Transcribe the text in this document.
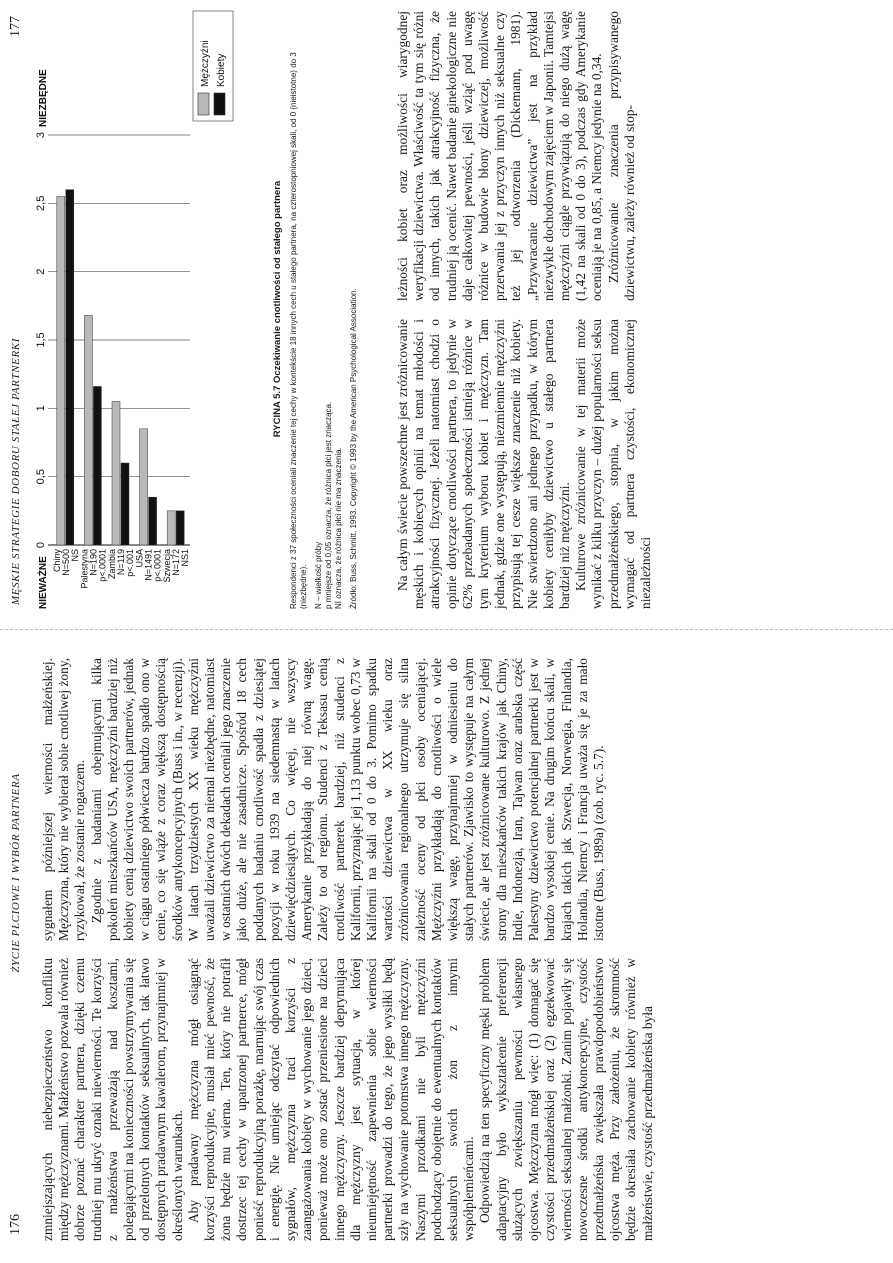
176
ŻYCIE PŁCIOWE I WYBÓR PARTNERA

zmniejszających niebezpieczeństwo konfliktu między mężczyznami. Małżeństwo pozwala również dobrze poznać charakter partnera, dzięki czemu trudniej mu ukryć oznaki niewierności. Te korzyści z małżeństwa przeważają nad kosztami, polegającymi na konieczności powstrzymywania się od przelotnych kontaktów seksualnych, tak łatwo dostępnych pradawnym kawalerom, przynajmniej w określonych warunkach. Aby pradawny mężczyzna mógł osiągnąć korzyści reprodukcyjne, musiał mieć pewność, że żona będzie mu wierna. Ten, który nie potrafił dostrzec tej cechy w upatrzonej partnerce, mógł ponieść reprodukcyjną porażkę, marnując swój czas i energię. Nie umiejąc odczytać odpowiednich sygnałów, mężczyzna traci korzyści z zaangażowania kobiety w wychowanie jego dzieci, ponieważ może ono zostać przeniesione na dzieci innego mężczyzny. Jeszcze bardziej deprymująca dla mężczyzny jest sytuacja, w której nieumiejętność zapewnienia sobie wierności partnerki prowadzi do tego, że jego wysiłki będą szły na wychowanie potomstwa innego mężczyzny. Naszymi przodkami nie byli mężczyźni podchodzący obojętnie do ewentualnych kontaktów seksualnych swoich żon z innymi współplemieńcami. Odpowiedzią na ten specyficzny męski problem adaptacyjny było wykształcenie preferencji służących zwiększaniu pewności własnego ojcostwa. Mężczyzna mógł więc: (1) domagać się czystości przedmałżeńskiej oraz (2) egzekwować wierności seksualnej małżonki. Zanim pojawiły się nowoczesne środki antykoncepcyjne, czystość przedmałżeńska zwiększała prawdopodobieństwo ojcostwa męża. Przy założeniu, że skromność będzie okresiała zachowanie kobiety również w małżeństwie, czystość przedmałżeńska była

sygnałem późniejszej wierności małżeńskiej. Mężczyzna, który nie wybierał sobie cnotliwej żony, ryzykował, że zostanie rogaczem. Zgodnie z badaniami obejmującymi kilka pokoleń mieszkańców USA, mężczyźni bardziej niż kobiety cenią dziewictwo swoich partnerów, jednak w ciągu ostatniego półwiecza bardzo spadło ono w cenie, co się wiąże z coraz większą dostępnością środków antykoncepcyjnych (Buss i in., w recenzji). W latach trzydziestych XX wieku mężczyźni uważali dziewictwo za niemal niezbędne, natomiast w ostatnich dwóch dekadach oceniali jego znaczenie jako duże, ale nie zasadnicze. Spośród 18 cech poddanych badaniu cnotliwość spadła z dziesiątej pozycji w roku 1939 na siedemnastą w latach dziewięćdziesiątych. Co więcej, nie wszyscy Amerykanie przykładają do niej równą wagę. Zależy to od regionu. Studenci z Teksasu cenią cnotliwość partnerek bardziej, niż studenci z Kalifornii, przyznając jej 1,13 punktu wobec 0,73 w Kalifornii na skali od 0 do 3. Pomimo spadku wartości dziewictwa w XX wieku oraz zróżnicowania regionalnego utrzymuje się silna zależność oceny od płci osoby oceniającej. Mężczyźni przykładają do cnotliwości o wiele większą wagę, przynajmniej w odniesieniu do stałych partnerów. Zjawisko to występuje na całym świecie, ale jest zróżnicowane kulturowo. Z jednej strony dla mieszkańców takich krajów jak Chiny, Indie, Indonezja, Iran, Tajwan oraz arabska część Palestyny dziewictwo potencjalnej partnerki jest w bardzo wysokiej cenie. Na drugim końcu skali, w krajach takich jak Szwecja, Norwegia, Finlandia, Holandia, Niemcy i Francja uważa się je za mało istotne (Buss, 1989a) (zob. ryc. 5.7).

MĘSKIE STRATEGIE DOBORU STAŁEJ PARTNERKI
177
0
0,5
1
1,5
2
2,5
3
NIEZBĘDNE
NIEWAŻNE Chiny N=500 NS Palestyna N=190 p<.0001 Zambia N=119 p<.001 USA N=1491 p<.0001 Szwecja N=172 NS1
Mężczyźni Kobiety

RYCINA 5.7 Oczekiwanie cnotliwości od stałego partnera Respondenci z 37 społeczności oceniali znaczenie tej cechy w kontekście 18 innych cech u stałego partnera, na czterostopniowej skali, od 0 (nieistotne) do 3 (niezbędne). N – wielkość próby p mniejsze od 0,05 oznacza, że różnica płci jest znacząca. NI oznacza, że różnica płci nie ma znaczenia. Źródło: Buss, Schmitt, 1993. Copyright © 1993 by the American Psychological Association.	Na całym świecie powszechne jest zróżnicowanie męskich i kobiecych opinii na temat młodości i atrakcyjności fizycznej. Jeżeli natomiast chodzi o opinie dotyczące cnotliwości partnera, to jedynie w 62% przebadanych społeczności istnieją różnice w tym kryterium wyboru kobiet i mężczyzn. Tam jednak, gdzie one występują, niezmiennie mężczyźni przypisują tej cesze większe znaczenie niż kobiety. Nie stwierdzono ani jednego przypadku, w którym kobiety ceniłyby dziewictwo u stałego partnera bardziej niż mężczyźni. Kulturowe zróżnicowanie w tej materii może wynikać z kilku przyczyn – dużej popularności seksu przedmałżeńskiego, stopnia, w jakim można wymagać od partnera czystości, ekonomicznej niezależności

leżności kobiet oraz możliwości wiarygodnej weryfikacji dziewictwa. Właściwość ta tym się różni od innych, takich jak atrakcyjność fizyczna, że trudniej ją ocenić. Nawet badanie ginekologiczne nie daje całkowitej pewności, jeśli wziąć pod uwagę różnice w budowie błony dziewiczej, możliwość przerwania jej z przyczyn innych niż seksualne czy też jej odtworzenia (Dickemann, 1981). „Przywracanie dziewictwa” jest na przykład niezwykle dochodowym zajęciem w Japonii. Tamtejsi mężczyźni ciągle przywiązują do niego dużą wagę (1,42 na skali od 0 do 3), podczas gdy Amerykanie oceniają je na 0,85, a Niemcy jedynie na 0,34. Zróżnicowanie znaczenia przypisywanego dziewictwu, zależy również od stop-
